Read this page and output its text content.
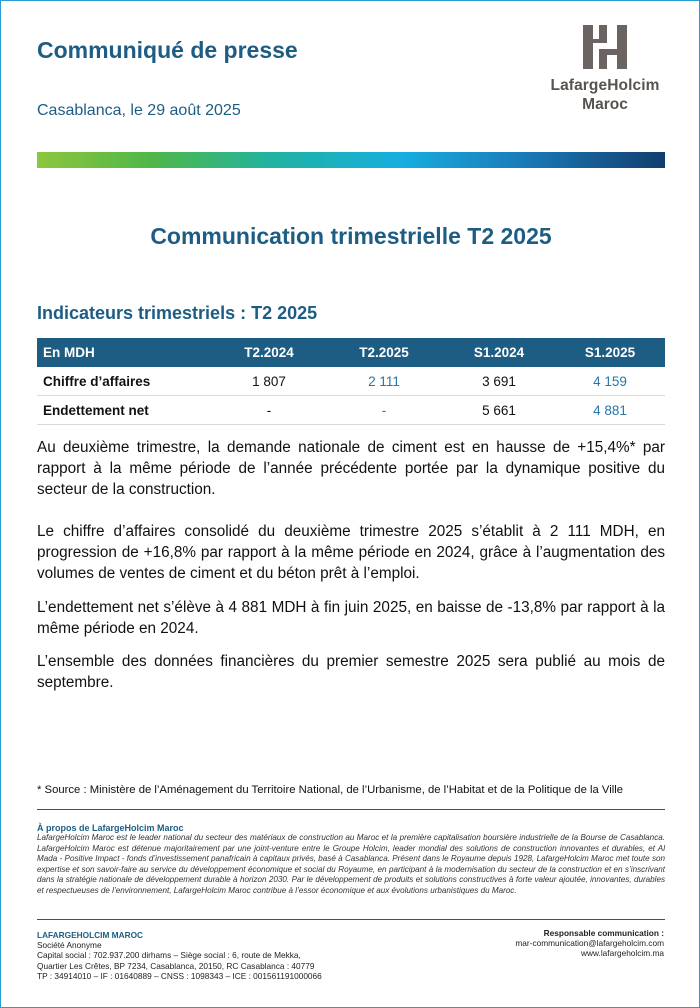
Communiqué de presse
Casablanca, le 29 août 2025
LafargeHolcim
Maroc
Communication trimestrielle T2 2025
Indicateurs trimestriels : T2 2025
En MDH	T2.2024	T2.2025	S1.2024	S1.2025
Chiffre d’affaires	1 807	2 111	3 691	4 159
Endettement net	-	-	5 661	4 881

Au deuxième trimestre, la demande nationale de ciment est en hausse de +15,4%* par rapport à la même période de l’année précédente portée par la dynamique positive du secteur de la construction.

Le chiffre d’affaires consolidé du deuxième trimestre 2025 s’établit à 2 111 MDH, en progression de +16,8% par rapport à la même période en 2024, grâce à l’augmentation des volumes de ventes de ciment et du béton prêt à l’emploi.

L’endettement net s’élève à 4 881 MDH à fin juin 2025, en baisse de -13,8% par rapport à la même période en 2024.

L’ensemble des données financières du premier semestre 2025 sera publié au mois de septembre.

* Source : Ministère de l’Aménagement du Territoire National, de l’Urbanisme, de l’Habitat et de la Politique de la Ville
À propos de LafargeHolcim Maroc
LafargeHolcim Maroc est le leader national du secteur des matériaux de construction au Maroc et la première capitalisation boursière industrielle de la Bourse de Casablanca. LafargeHolcim Maroc est détenue majoritairement par une joint-venture entre le Groupe Holcim, leader mondial des solutions de construction innovantes et durables, et Al Mada - Positive Impact - fonds d’investissement panafricain à capitaux privés, basé à Casablanca. Présent dans le Royaume depuis 1928, LafargeHolcim Maroc met toute son expertise et son savoir-faire au service du développement économique et social du Royaume, en participant à la modernisation du secteur de la construction et en s’inscrivant dans la stratégie nationale de développement durable à horizon 2030. Par le développement de produits et solutions constructives à forte valeur ajoutée, innovantes, durables et respectueuses de l’environnement, LafargeHolcim Maroc contribue à l’essor économique et aux évolutions urbanistiques du Maroc.
LAFARGEHOLCIM MAROC
Société Anonyme
Capital social : 702.937.200 dirhams – Siège social : 6, route de Mekka,
Quartier Les Crêtes, BP 7234, Casablanca, 20150, RC Casablanca : 40779
TP : 34914010 – IF : 01640889 – CNSS : 1098343 – ICE : 001561191000066
Responsable communication :
mar-communication@lafargeholcim.com
www.lafargeholcim.ma
